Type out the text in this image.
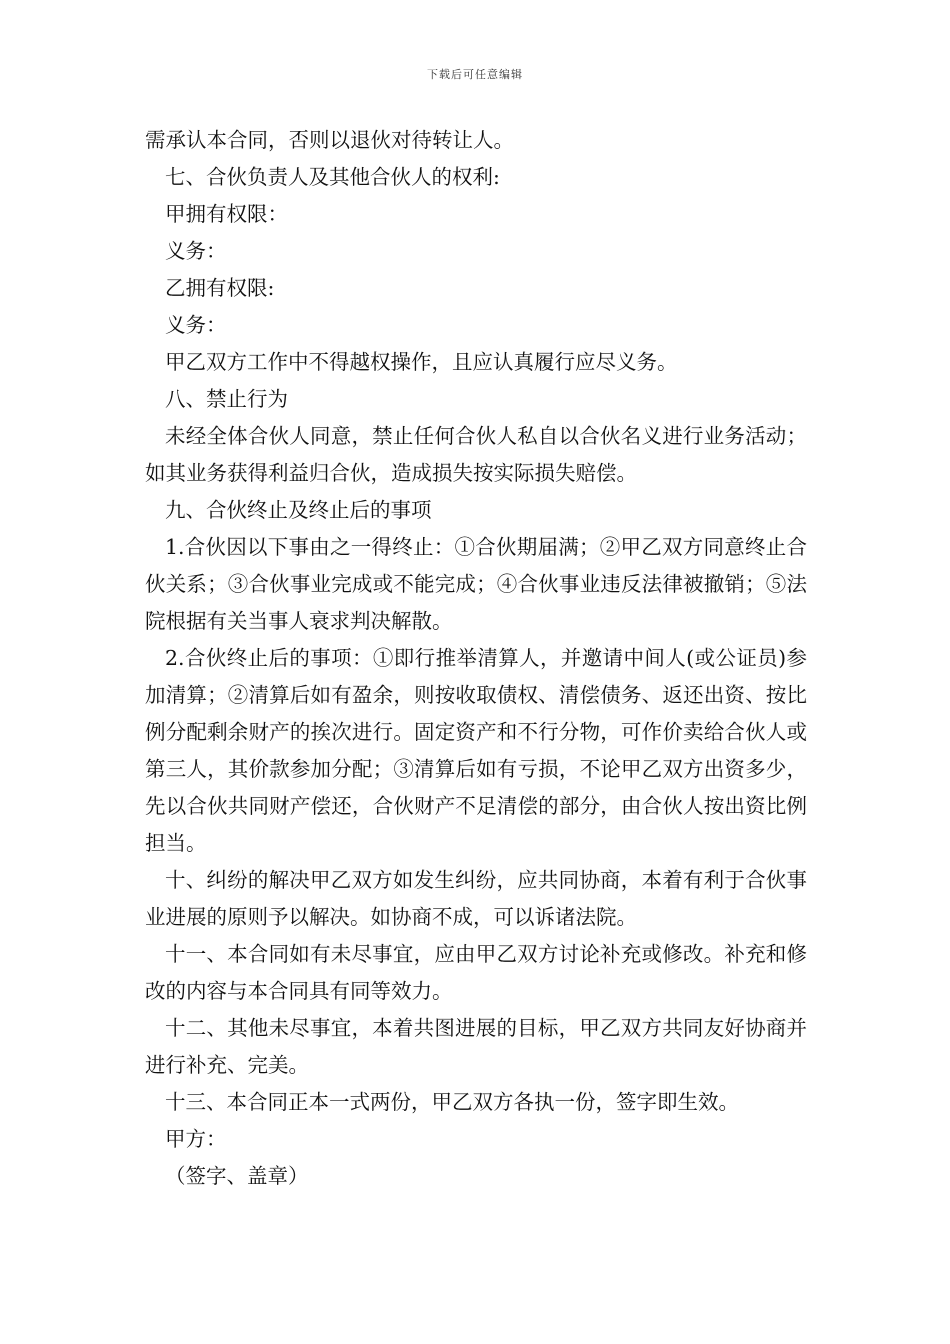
下载后可任意编辑

需承认本合同，否则以退伙对待转让人。

七、合伙负责人及其他合伙人的权利:

甲拥有权限：

义务：

乙拥有权限:

义务：

甲乙双方工作中不得越权操作，且应认真履行应尽义务。

八、禁止行为

未经全体合伙人同意，禁止任何合伙人私自以合伙名义进行业务活动；如其业务获得利益归合伙，造成损失按实际损失赔偿。

九、合伙终止及终止后的事项

1.合伙因以下事由之一得终止：①合伙期届满；②甲乙双方同意终止合伙关系；③合伙事业完成或不能完成；④合伙事业违反法律被撤销；⑤法院根据有关当事人衰求判决解散。

2.合伙终止后的事项：①即行推举清算人，并邀请中间人(或公证员)参加清算；②清算后如有盈余，则按收取债权、清偿债务、返还出资、按比例分配剩余财产的挨次进行。固定资产和不行分物，可作价卖给合伙人或第三人，其价款参加分配；③清算后如有亏损，不论甲乙双方出资多少，先以合伙共同财产偿还，合伙财产不足清偿的部分，由合伙人按出资比例担当。

十、纠纷的解决甲乙双方如发生纠纷，应共同协商，本着有利于合伙事业进展的原则予以解决。如协商不成，可以诉诸法院。

十一、本合同如有未尽事宜，应由甲乙双方讨论补充或修改。补充和修改的内容与本合同具有同等效力。

十二、其他未尽事宜，本着共图进展的目标，甲乙双方共同友好协商并进行补充、完美。

十三、本合同正本一式两份，甲乙双方各执一份，签字即生效。

甲方：

（签字、盖章）
